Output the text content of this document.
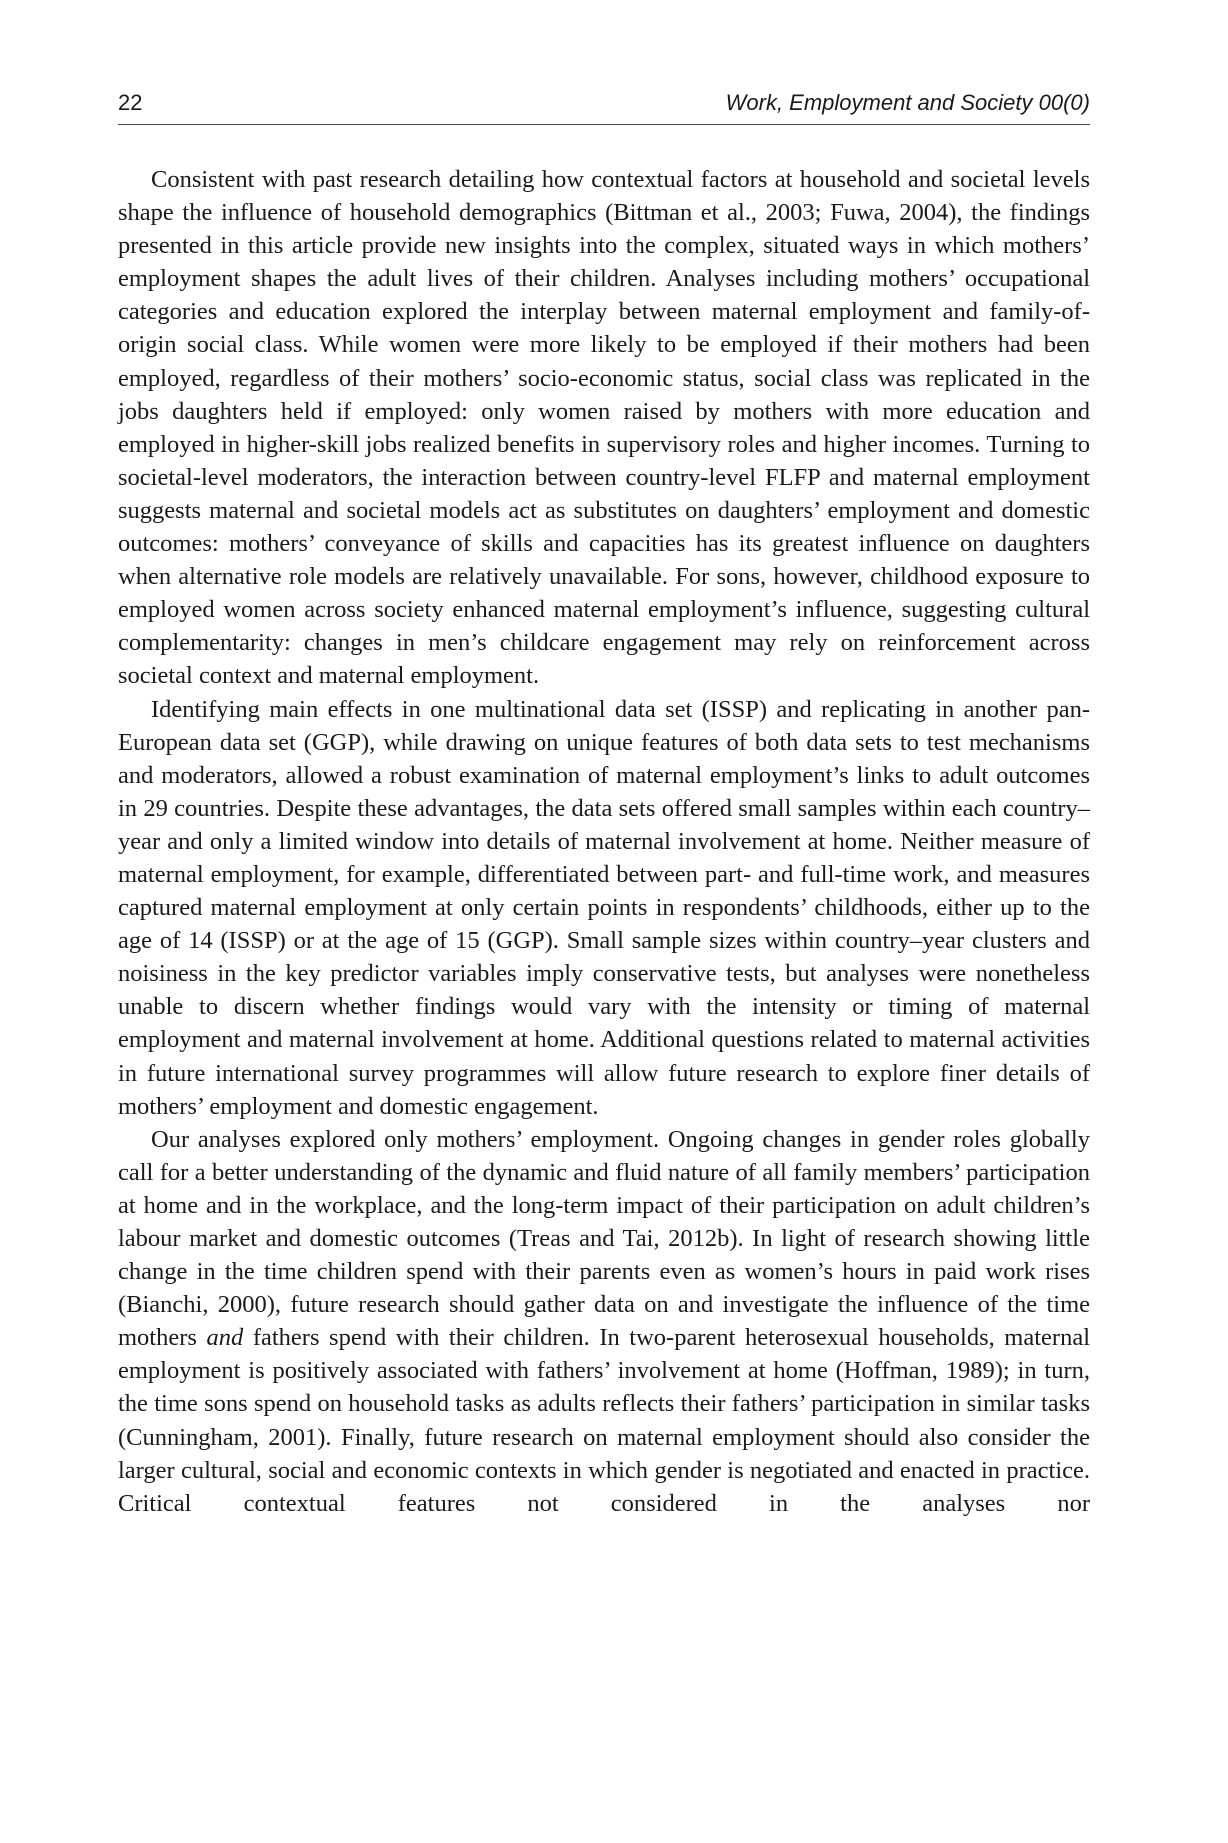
22	Work, Employment and Society 00(0)

Consistent with past research detailing how contextual factors at household and societal levels shape the influence of household demographics (Bittman et al., 2003; Fuwa, 2004), the findings presented in this article provide new insights into the complex, situated ways in which mothers’ employment shapes the adult lives of their children. Analyses including mothers’ occupational categories and education explored the interplay between maternal employment and family-of-origin social class. While women were more likely to be employed if their mothers had been employed, regardless of their mothers’ socio-economic status, social class was replicated in the jobs daughters held if employed: only women raised by mothers with more education and employed in higher-skill jobs realized benefits in supervisory roles and higher incomes. Turning to societal-level moderators, the interaction between country-level FLFP and maternal employment suggests maternal and societal models act as substitutes on daughters’ employment and domestic outcomes: mothers’ conveyance of skills and capacities has its greatest influence on daughters when alternative role models are relatively unavailable. For sons, however, childhood exposure to employed women across society enhanced maternal employment’s influence, suggesting cultural complementarity: changes in men’s childcare engagement may rely on reinforcement across societal context and maternal employment.

Identifying main effects in one multinational data set (ISSP) and replicating in another pan-European data set (GGP), while drawing on unique features of both data sets to test mechanisms and moderators, allowed a robust examination of maternal employment’s links to adult outcomes in 29 countries. Despite these advantages, the data sets offered small samples within each country–year and only a limited window into details of maternal involvement at home. Neither measure of maternal employment, for example, differentiated between part- and full-time work, and measures captured maternal employment at only certain points in respondents’ childhoods, either up to the age of 14 (ISSP) or at the age of 15 (GGP). Small sample sizes within country–year clusters and noisiness in the key predictor variables imply conservative tests, but analyses were nonetheless unable to discern whether findings would vary with the intensity or timing of maternal employment and maternal involvement at home. Additional questions related to maternal activities in future international survey programmes will allow future research to explore finer details of mothers’ employment and domestic engagement.

Our analyses explored only mothers’ employment. Ongoing changes in gender roles globally call for a better understanding of the dynamic and fluid nature of all family members’ participation at home and in the workplace, and the long-term impact of their participation on adult children’s labour market and domestic outcomes (Treas and Tai, 2012b). In light of research showing little change in the time children spend with their parents even as women’s hours in paid work rises (Bianchi, 2000), future research should gather data on and investigate the influence of the time mothers and fathers spend with their children. In two-parent heterosexual households, maternal employment is positively associated with fathers’ involvement at home (Hoffman, 1989); in turn, the time sons spend on household tasks as adults reflects their fathers’ participation in similar tasks (Cunningham, 2001). Finally, future research on maternal employment should also consider the larger cultural, social and economic contexts in which gender is negotiated and enacted in practice. Critical contextual features not considered in the analyses nor
